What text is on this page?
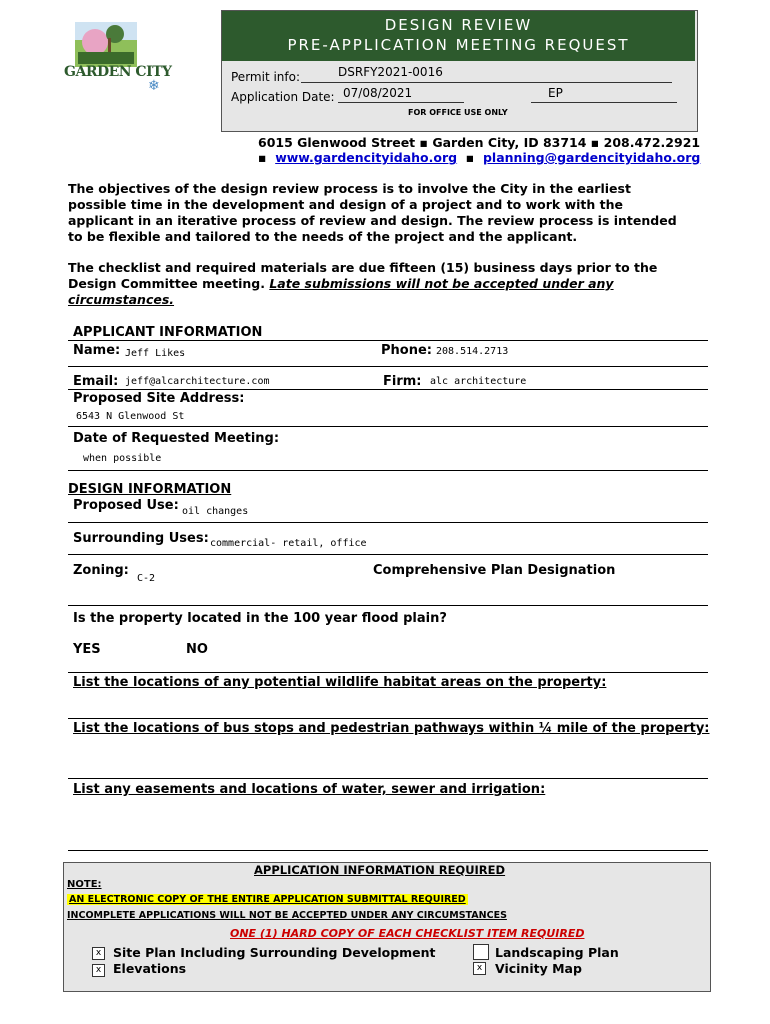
GARDEN CITY
❄
DESIGN REVIEW
PRE-APPLICATION MEETING REQUEST
Permit info:	DSRFY2021-0016
Application Date: 07/08/2021	EP
FOR OFFICE USE ONLY
6015 Glenwood Street ▪ Garden City, ID 83714 ▪ 208.472.2921
▪  www.gardencityidaho.org  ▪  planning@gardencityidaho.org
The objectives of the design review process is to involve the City in the earliest possible time in the development and design of a project and to work with the applicant in an iterative process of review and design. The review process is intended to be flexible and tailored to the needs of the project and the applicant.
The checklist and required materials are due fifteen (15) business days prior to the Design Committee meeting. Late submissions will not be accepted under any circumstances.
APPLICANT INFORMATION
Name: Jeff Likes	Phone: 208.514.2713
Email: jeff@alcarchitecture.com	Firm: alc architecture
Proposed Site Address:
6543 N Glenwood St
Date of Requested Meeting:
when possible
DESIGN INFORMATION
Proposed Use: oil changes
Surrounding Uses: commercial- retail, office
Zoning:
C-2
Comprehensive Plan Designation
Is the property located in the 100 year flood plain?
YES	NO
List the locations of any potential wildlife habitat areas on the property:
List the locations of bus stops and pedestrian pathways within ¼ mile of the property:
List any easements and locations of water, sewer and irrigation:
APPLICATION INFORMATION REQUIRED
NOTE:
AN ELECTRONIC COPY OF THE ENTIRE APPLICATION SUBMITTAL REQUIRED
INCOMPLETE APPLICATIONS WILL NOT BE ACCEPTED UNDER ANY CIRCUMSTANCES
ONE (1) HARD COPY OF EACH CHECKLIST ITEM REQUIRED
x Site Plan Including Surrounding Development
x Elevations
Landscaping Plan
x	Vicinity Map
